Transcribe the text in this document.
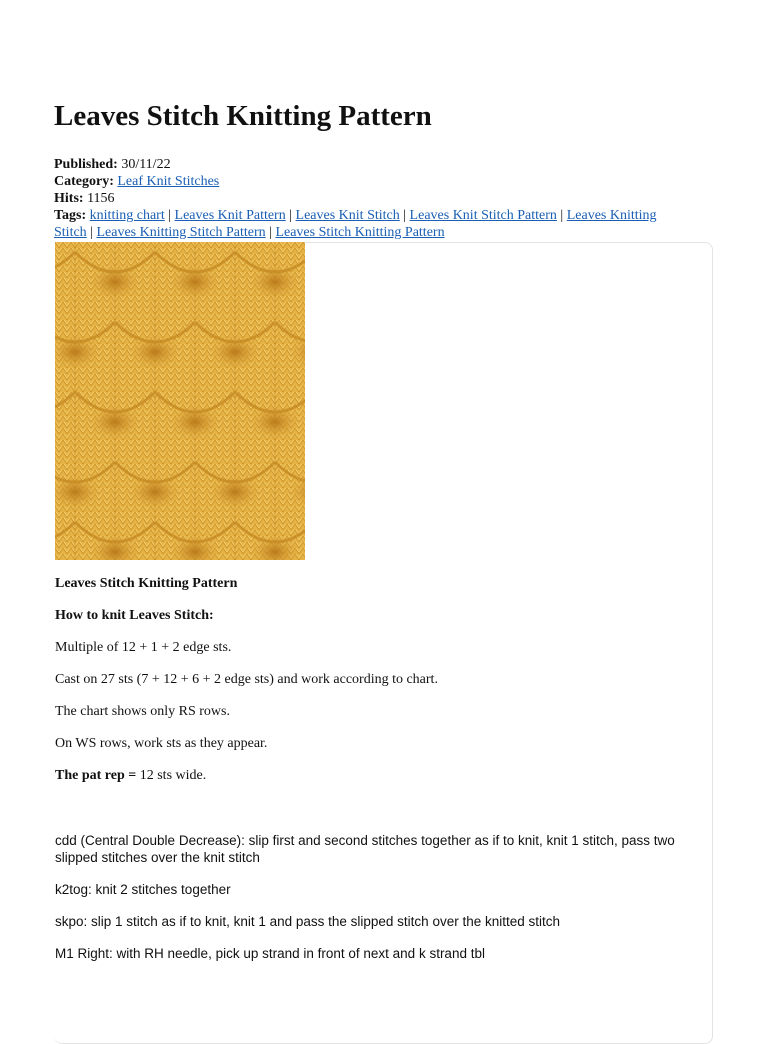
Leaves Stitch Knitting Pattern

Published: 30/11/22

Category: Leaf Knit Stitches

Hits: 1156

Tags: knitting chart | Leaves Knit Pattern | Leaves Knit Stitch | Leaves Knit Stitch Pattern | Leaves Knitting Stitch | Leaves Knitting Stitch Pattern | Leaves Stitch Knitting Pattern

Leaves Stitch Knitting Pattern

How to knit Leaves Stitch:

Multiple of 12 + 1 + 2 edge sts.

Cast on 27 sts (7 + 12 + 6 + 2 edge sts) and work according to chart.

The chart shows only RS rows.

On WS rows, work sts as they appear.

The pat rep = 12 sts wide.

cdd (Central Double Decrease): slip first and second stitches together as if to knit, knit 1 stitch, pass two slipped stitches over the knit stitch

k2tog: knit 2 stitches together

skpo: slip 1 stitch as if to knit, knit 1 and pass the slipped stitch over the knitted stitch

M1 Right: with RH needle, pick up strand in front of next and k strand tbl
